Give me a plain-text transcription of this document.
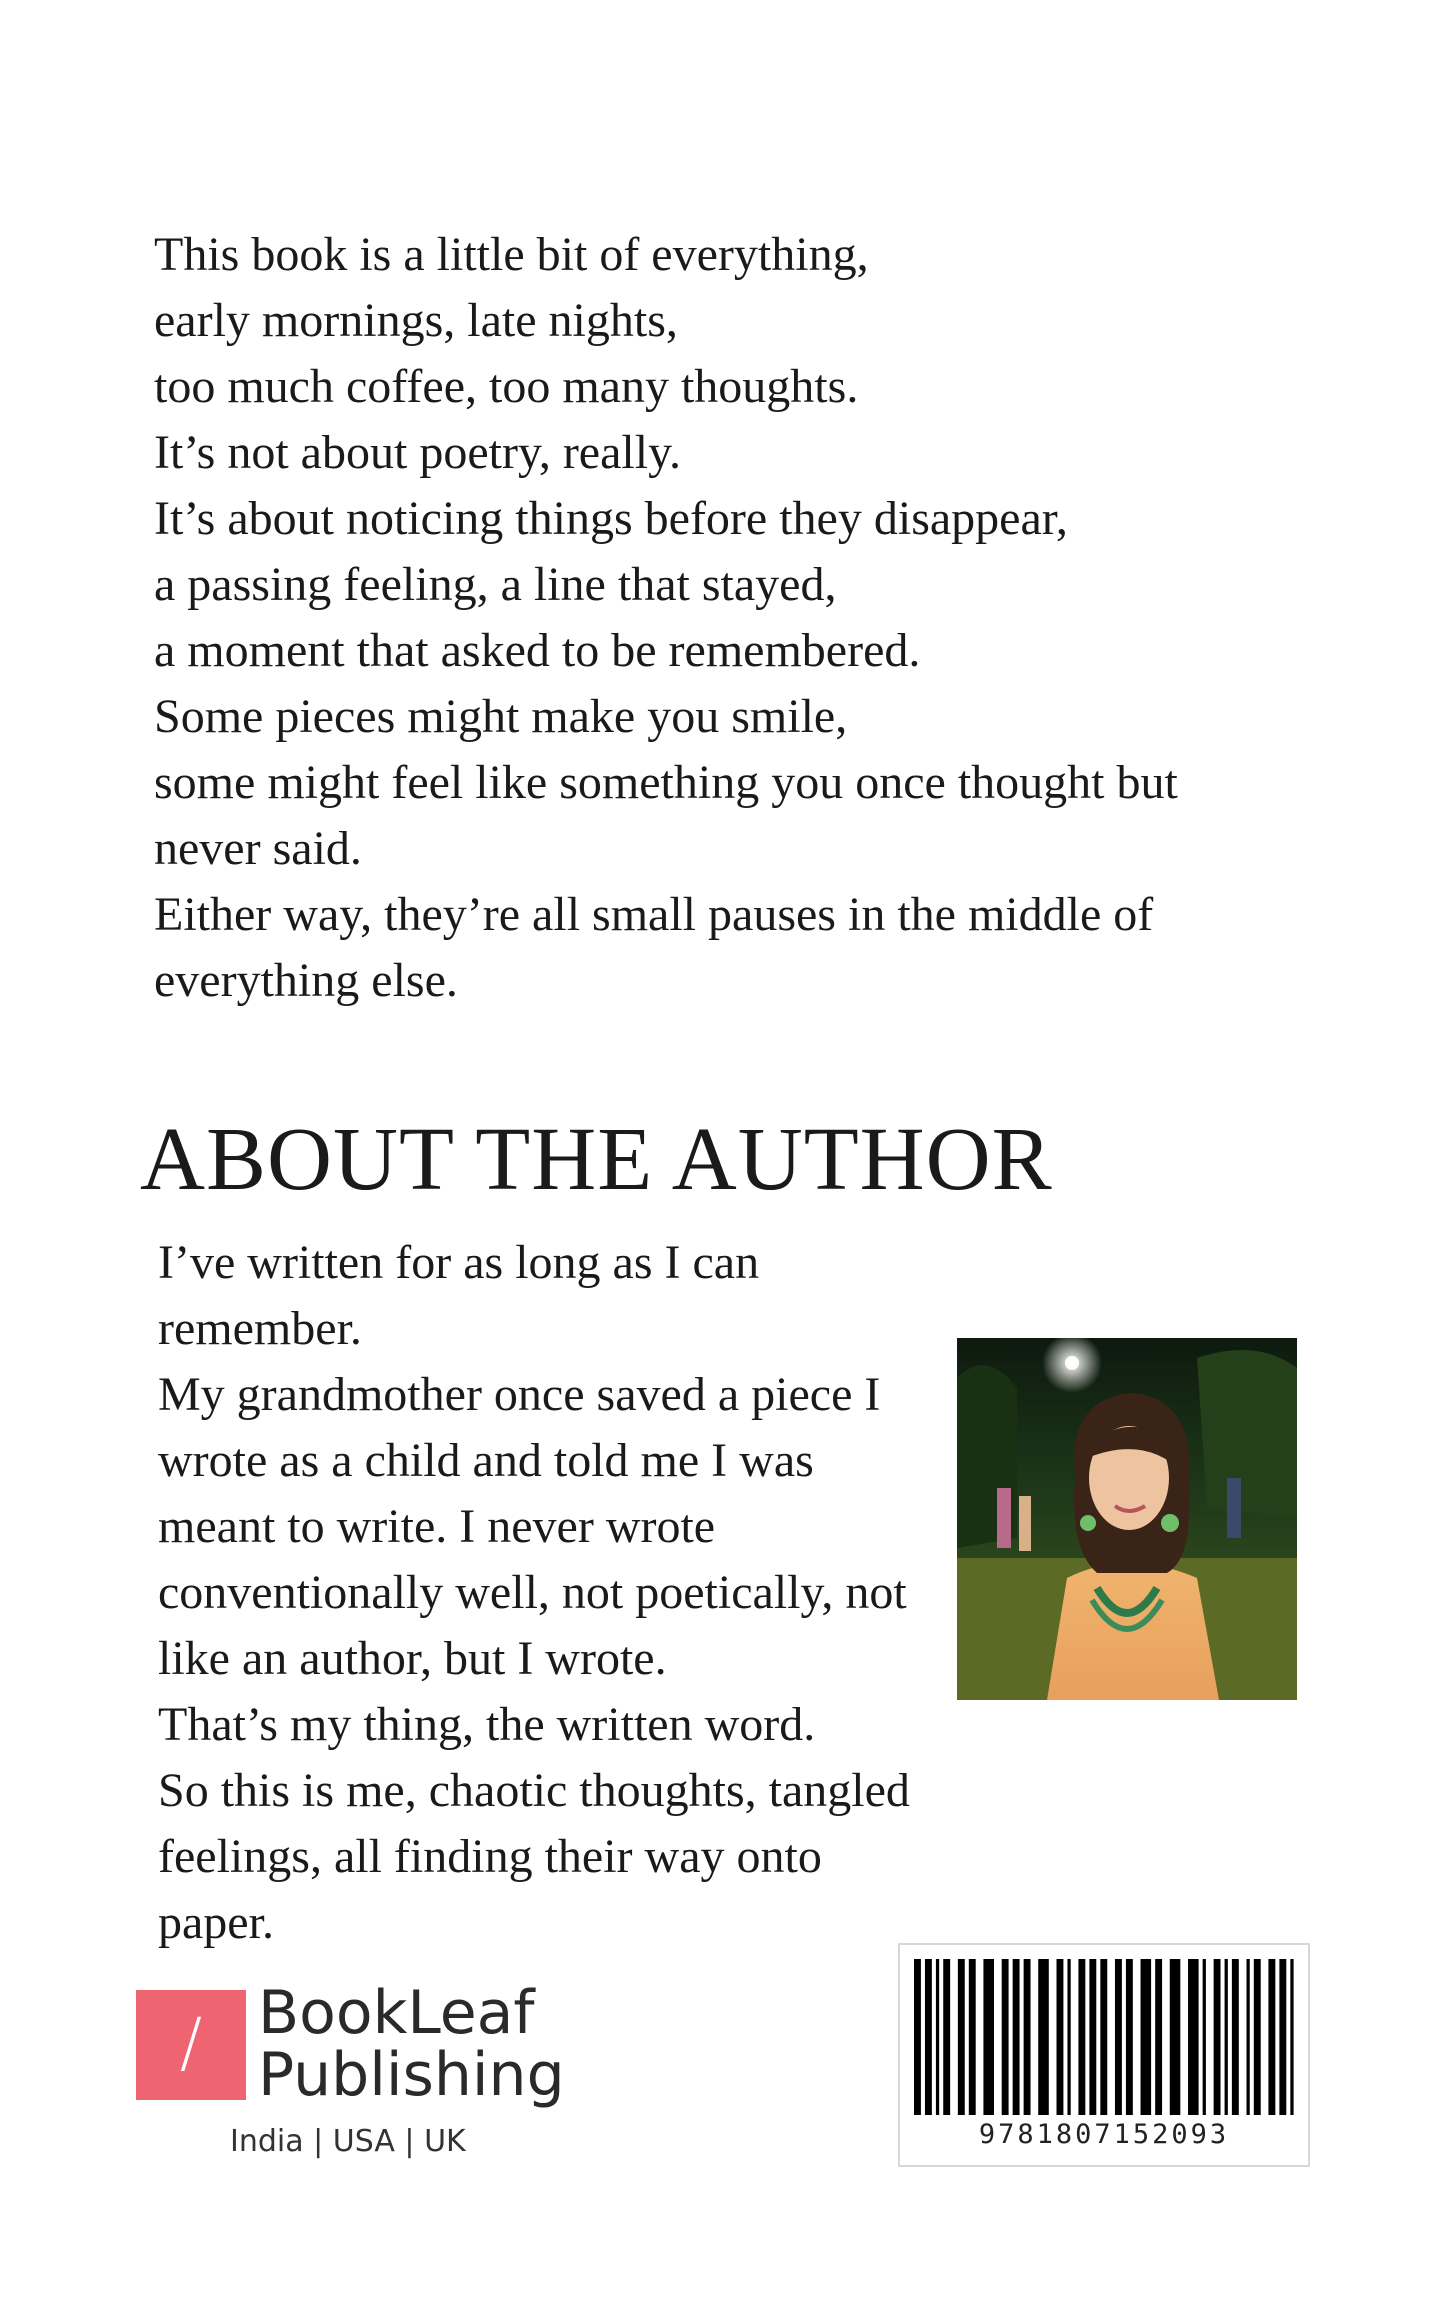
This book is a little bit of everything,
early mornings, late nights,
too much coffee, too many thoughts.
It’s not about poetry, really.
It’s about noticing things before they disappear,
a passing feeling, a line that stayed,
a moment that asked to be remembered.
Some pieces might make you smile,
some might feel like something you once thought but never said.
Either way, they’re all small pauses in the middle of everything else.
ABOUT THE AUTHOR
I’ve written for as long as I can remember.
My grandmother once saved a piece I wrote as a child and told me I was meant to write. I never wrote conventionally well, not poetically, not like an author, but I wrote.
That’s my thing, the written word.
So this is me, chaotic thoughts, tangled feelings, all finding their way onto paper.
/ BookLeaf
Publishing
India | USA | UK	9781807152093
